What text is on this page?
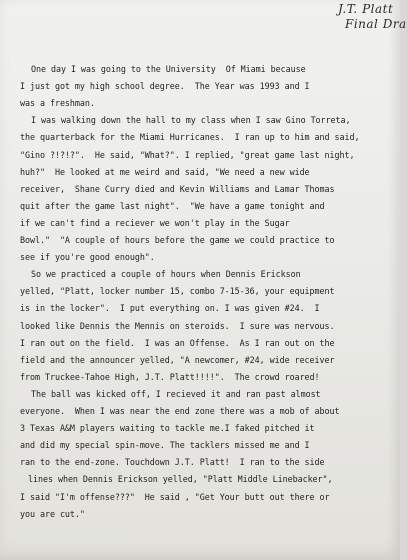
J.T. Platt
Final Dra
One day I was going to the University  Of Miami because
I just got my high school degree.  The Year was 1993 and I
was a freshman.
I was walking down the hall to my class when I saw Gino Torreta,
the quarterback for the Miami Hurricanes.  I ran up to him and said,
"Gino ?!?!?".  He said, "What?". I replied, "great game last night,
huh?"  He looked at me weird and said, "We need a new wide
receiver,  Shane Curry died and Kevin Williams and Lamar Thomas
quit after the game last night".  "We have a game tonight and
if we can't find a reciever we won't play in the Sugar
Bowl."  "A couple of hours before the game we could practice to
see if you're good enough".
So we practiced a couple of hours when Dennis Erickson
yelled, "Platt, locker number 15, combo 7-15-36, your equipment
is in the locker".  I put everything on. I was given #24.  I
looked like Dennis the Mennis on steroids.  I sure was nervous.
I ran out on the field.  I was an Offense.  As I ran out on the
field and the announcer yelled, "A newcomer, #24, wide receiver
from Truckee-Tahoe High, J.T. Platt!!!!".  The crowd roared!
The ball was kicked off, I recieved it and ran past almost
everyone.  When I was near the end zone there was a mob of about
3 Texas A&M players waiting to tackle me.I faked pitched it
and did my special spin-move. The tacklers missed me and I
ran to the end-zone. Touchdown J.T. Platt!  I ran to the side
lines when Dennis Erickson yelled, "Platt Middle Linebacker",
I said "I'm offense???"  He said , "Get Your butt out there or
you are cut."
